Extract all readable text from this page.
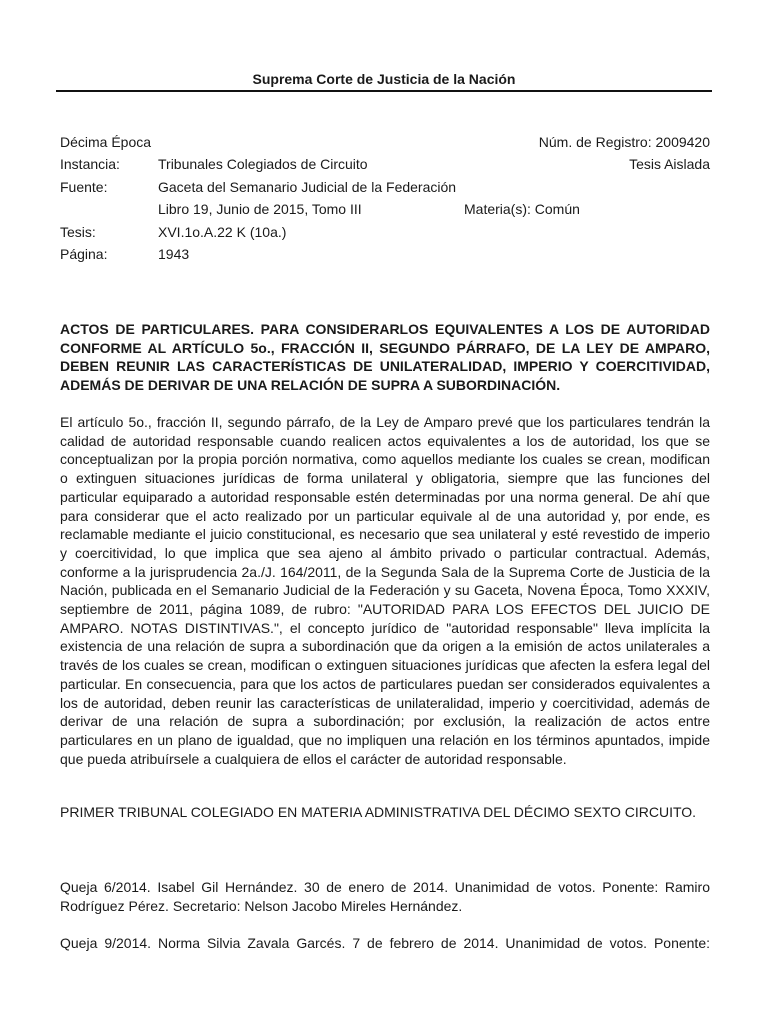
Suprema Corte de Justicia de la Nación
Décima Época	Núm. de Registro: 2009420
Instancia:	Tribunales Colegiados de Circuito	Tesis Aislada
Fuente:	Gaceta del Semanario Judicial de la Federación
Libro 19, Junio de 2015, Tomo III	Materia(s): Común
Tesis:	XVI.1o.A.22 K (10a.)
Página:	1943
ACTOS DE PARTICULARES. PARA CONSIDERARLOS EQUIVALENTES A LOS DE AUTORIDAD CONFORME AL ARTÍCULO 5o., FRACCIÓN II, SEGUNDO PÁRRAFO, DE LA LEY DE AMPARO, DEBEN REUNIR LAS CARACTERÍSTICAS DE UNILATERALIDAD, IMPERIO Y COERCITIVIDAD, ADEMÁS DE DERIVAR DE UNA RELACIÓN DE SUPRA A SUBORDINACIÓN.
El artículo 5o., fracción II, segundo párrafo, de la Ley de Amparo prevé que los particulares tendrán la calidad de autoridad responsable cuando realicen actos equivalentes a los de autoridad, los que se conceptualizan por la propia porción normativa, como aquellos mediante los cuales se crean, modifican o extinguen situaciones jurídicas de forma unilateral y obligatoria, siempre que las funciones del particular equiparado a autoridad responsable estén determinadas por una norma general. De ahí que para considerar que el acto realizado por un particular equivale al de una autoridad y, por ende, es reclamable mediante el juicio constitucional, es necesario que sea unilateral y esté revestido de imperio y coercitividad, lo que implica que sea ajeno al ámbito privado o particular contractual. Además, conforme a la jurisprudencia 2a./J. 164/2011, de la Segunda Sala de la Suprema Corte de Justicia de la Nación, publicada en el Semanario Judicial de la Federación y su Gaceta, Novena Época, Tomo XXXIV, septiembre de 2011, página 1089, de rubro: "AUTORIDAD PARA LOS EFECTOS DEL JUICIO DE AMPARO. NOTAS DISTINTIVAS.", el concepto jurídico de "autoridad responsable" lleva implícita la existencia de una relación de supra a subordinación que da origen a la emisión de actos unilaterales a través de los cuales se crean, modifican o extinguen situaciones jurídicas que afecten la esfera legal del particular. En consecuencia, para que los actos de particulares puedan ser considerados equivalentes a los de autoridad, deben reunir las características de unilateralidad, imperio y coercitividad, además de derivar de una relación de supra a subordinación; por exclusión, la realización de actos entre particulares en un plano de igualdad, que no impliquen una relación en los términos apuntados, impide que pueda atribuírsele a cualquiera de ellos el carácter de autoridad responsable.
PRIMER TRIBUNAL COLEGIADO EN MATERIA ADMINISTRATIVA DEL DÉCIMO SEXTO CIRCUITO.
Queja 6/2014. Isabel Gil Hernández. 30 de enero de 2014. Unanimidad de votos. Ponente: Ramiro Rodríguez Pérez. Secretario: Nelson Jacobo Mireles Hernández.
Queja 9/2014. Norma Silvia Zavala Garcés. 7 de febrero de 2014. Unanimidad de votos. Ponente:
